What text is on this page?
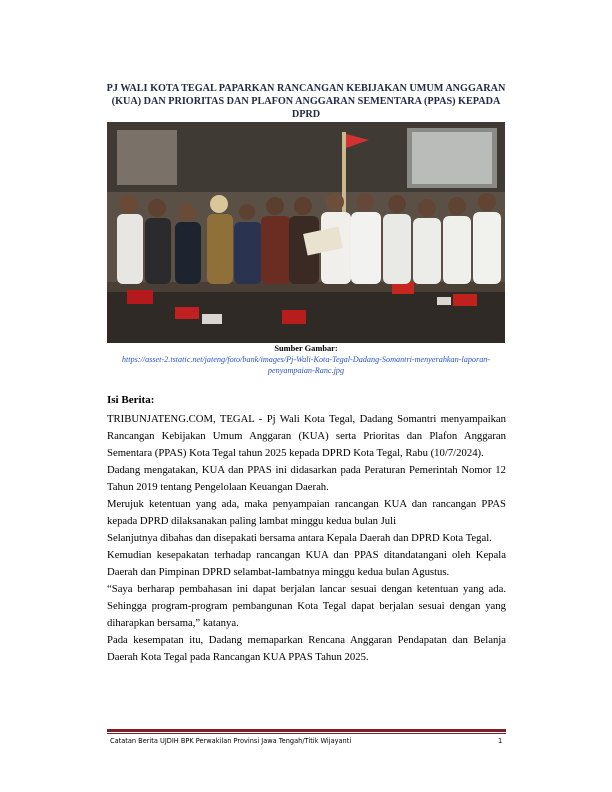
PJ WALI KOTA TEGAL PAPARKAN RANCANGAN KEBIJAKAN UMUM ANGGARAN (KUA) DAN PRIORITAS DAN PLAFON ANGGARAN SEMENTARA (PPAS) KEPADA DPRD
Sumber Gambar:
https://asset-2.tstatic.net/jateng/foto/bank/images/Pj-Wali-Kota-Tegal-Dadang-Somantri-menyerahkan-laporan-penyampaian-Ranc.jpg
Isi Berita:

TRIBUNJATENG.COM, TEGAL - Pj Wali Kota Tegal, Dadang Somantri menyampaikan Rancangan Kebijakan Umum Anggaran (KUA) serta Prioritas dan Plafon Anggaran Sementara (PPAS) Kota Tegal tahun 2025 kepada DPRD Kota Tegal, Rabu (10/7/2024).

Dadang mengatakan, KUA dan PPAS ini didasarkan pada Peraturan Pemerintah Nomor 12 Tahun 2019 tentang Pengelolaan Keuangan Daerah.

Merujuk ketentuan yang ada, maka penyampaian rancangan KUA dan rancangan PPAS kepada DPRD dilaksanakan paling lambat minggu kedua bulan Juli

Selanjutnya dibahas dan disepakati bersama antara Kepala Daerah dan DPRD Kota Tegal.

Kemudian kesepakatan terhadap rancangan KUA dan PPAS ditandatangani oleh Kepala Daerah dan Pimpinan DPRD selambat-lambatnya minggu kedua bulan Agustus.

“Saya berharap pembahasan ini dapat berjalan lancar sesuai dengan ketentuan yang ada. Sehingga program-program pembangunan Kota Tegal dapat berjalan sesuai dengan yang diharapkan bersama,” katanya.

Pada kesempatan itu, Dadang memaparkan Rencana Anggaran Pendapatan dan Belanja Daerah Kota Tegal pada Rancangan KUA PPAS Tahun 2025.

Catatan Berita UJDIH BPK Perwakilan Provinsi Jawa Tengah/Titik Wijayanti	1
